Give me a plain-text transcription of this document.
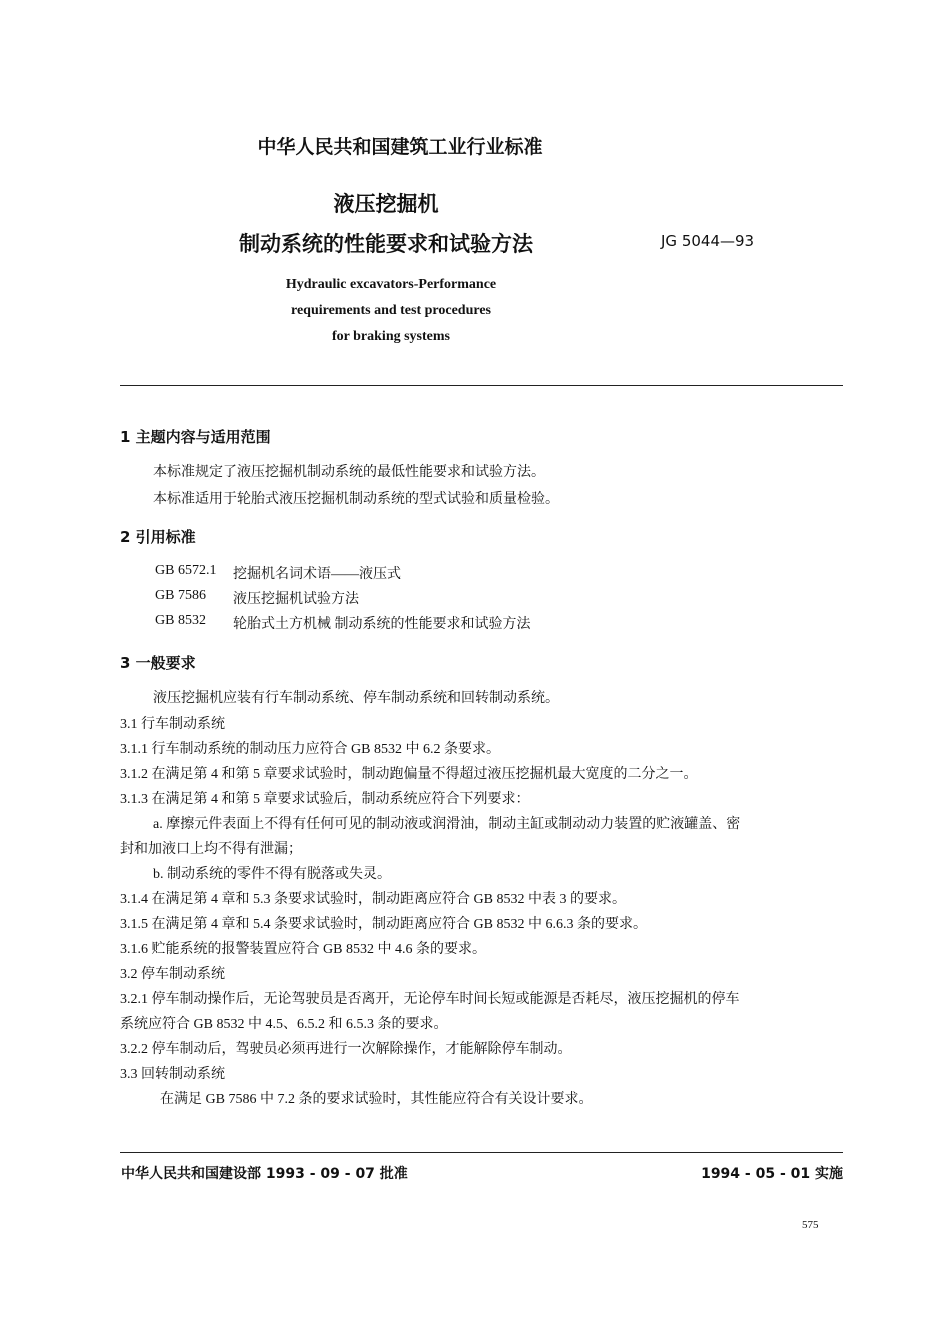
中华人民共和国建筑工业行业标准
液压挖掘机
制动系统的性能要求和试验方法	JG 5044—93
Hydraulic excavators-Performance
requirements and test procedures
for braking systems
1 主题内容与适用范围
本标准规定了液压挖掘机制动系统的最低性能要求和试验方法。
本标准适用于轮胎式液压挖掘机制动系统的型式试验和质量检验。
2 引用标准
GB 6572.1 挖掘机名词术语——液压式
GB 7586 液压挖掘机试验方法
GB 8532 轮胎式土方机械 制动系统的性能要求和试验方法
3 一般要求
液压挖掘机应装有行车制动系统、停车制动系统和回转制动系统。
3.1 行车制动系统
3.1.1 行车制动系统的制动压力应符合 GB 8532 中 6.2 条要求。
3.1.2 在满足第 4 和第 5 章要求试验时，制动跑偏量不得超过液压挖掘机最大宽度的二分之一。
3.1.3 在满足第 4 和第 5 章要求试验后，制动系统应符合下列要求：
a. 摩擦元件表面上不得有任何可见的制动液或润滑油，制动主缸或制动动力装置的贮液罐盖、密
封和加液口上均不得有泄漏；
b. 制动系统的零件不得有脱落或失灵。
3.1.4 在满足第 4 章和 5.3 条要求试验时，制动距离应符合 GB 8532 中表 3 的要求。
3.1.5 在满足第 4 章和 5.4 条要求试验时，制动距离应符合 GB 8532 中 6.6.3 条的要求。
3.1.6 贮能系统的报警装置应符合 GB 8532 中 4.6 条的要求。
3.2 停车制动系统
3.2.1 停车制动操作后，无论驾驶员是否离开，无论停车时间长短或能源是否耗尽，液压挖掘机的停车
系统应符合 GB 8532 中 4.5、6.5.2 和 6.5.3 条的要求。
3.2.2 停车制动后，驾驶员必须再进行一次解除操作，才能解除停车制动。
3.3 回转制动系统
在满足 GB 7586 中 7.2 条的要求试验时，其性能应符合有关设计要求。
中华人民共和国建设部 1993 - 09 - 07 批准	1994 - 05 - 01 实施
575
